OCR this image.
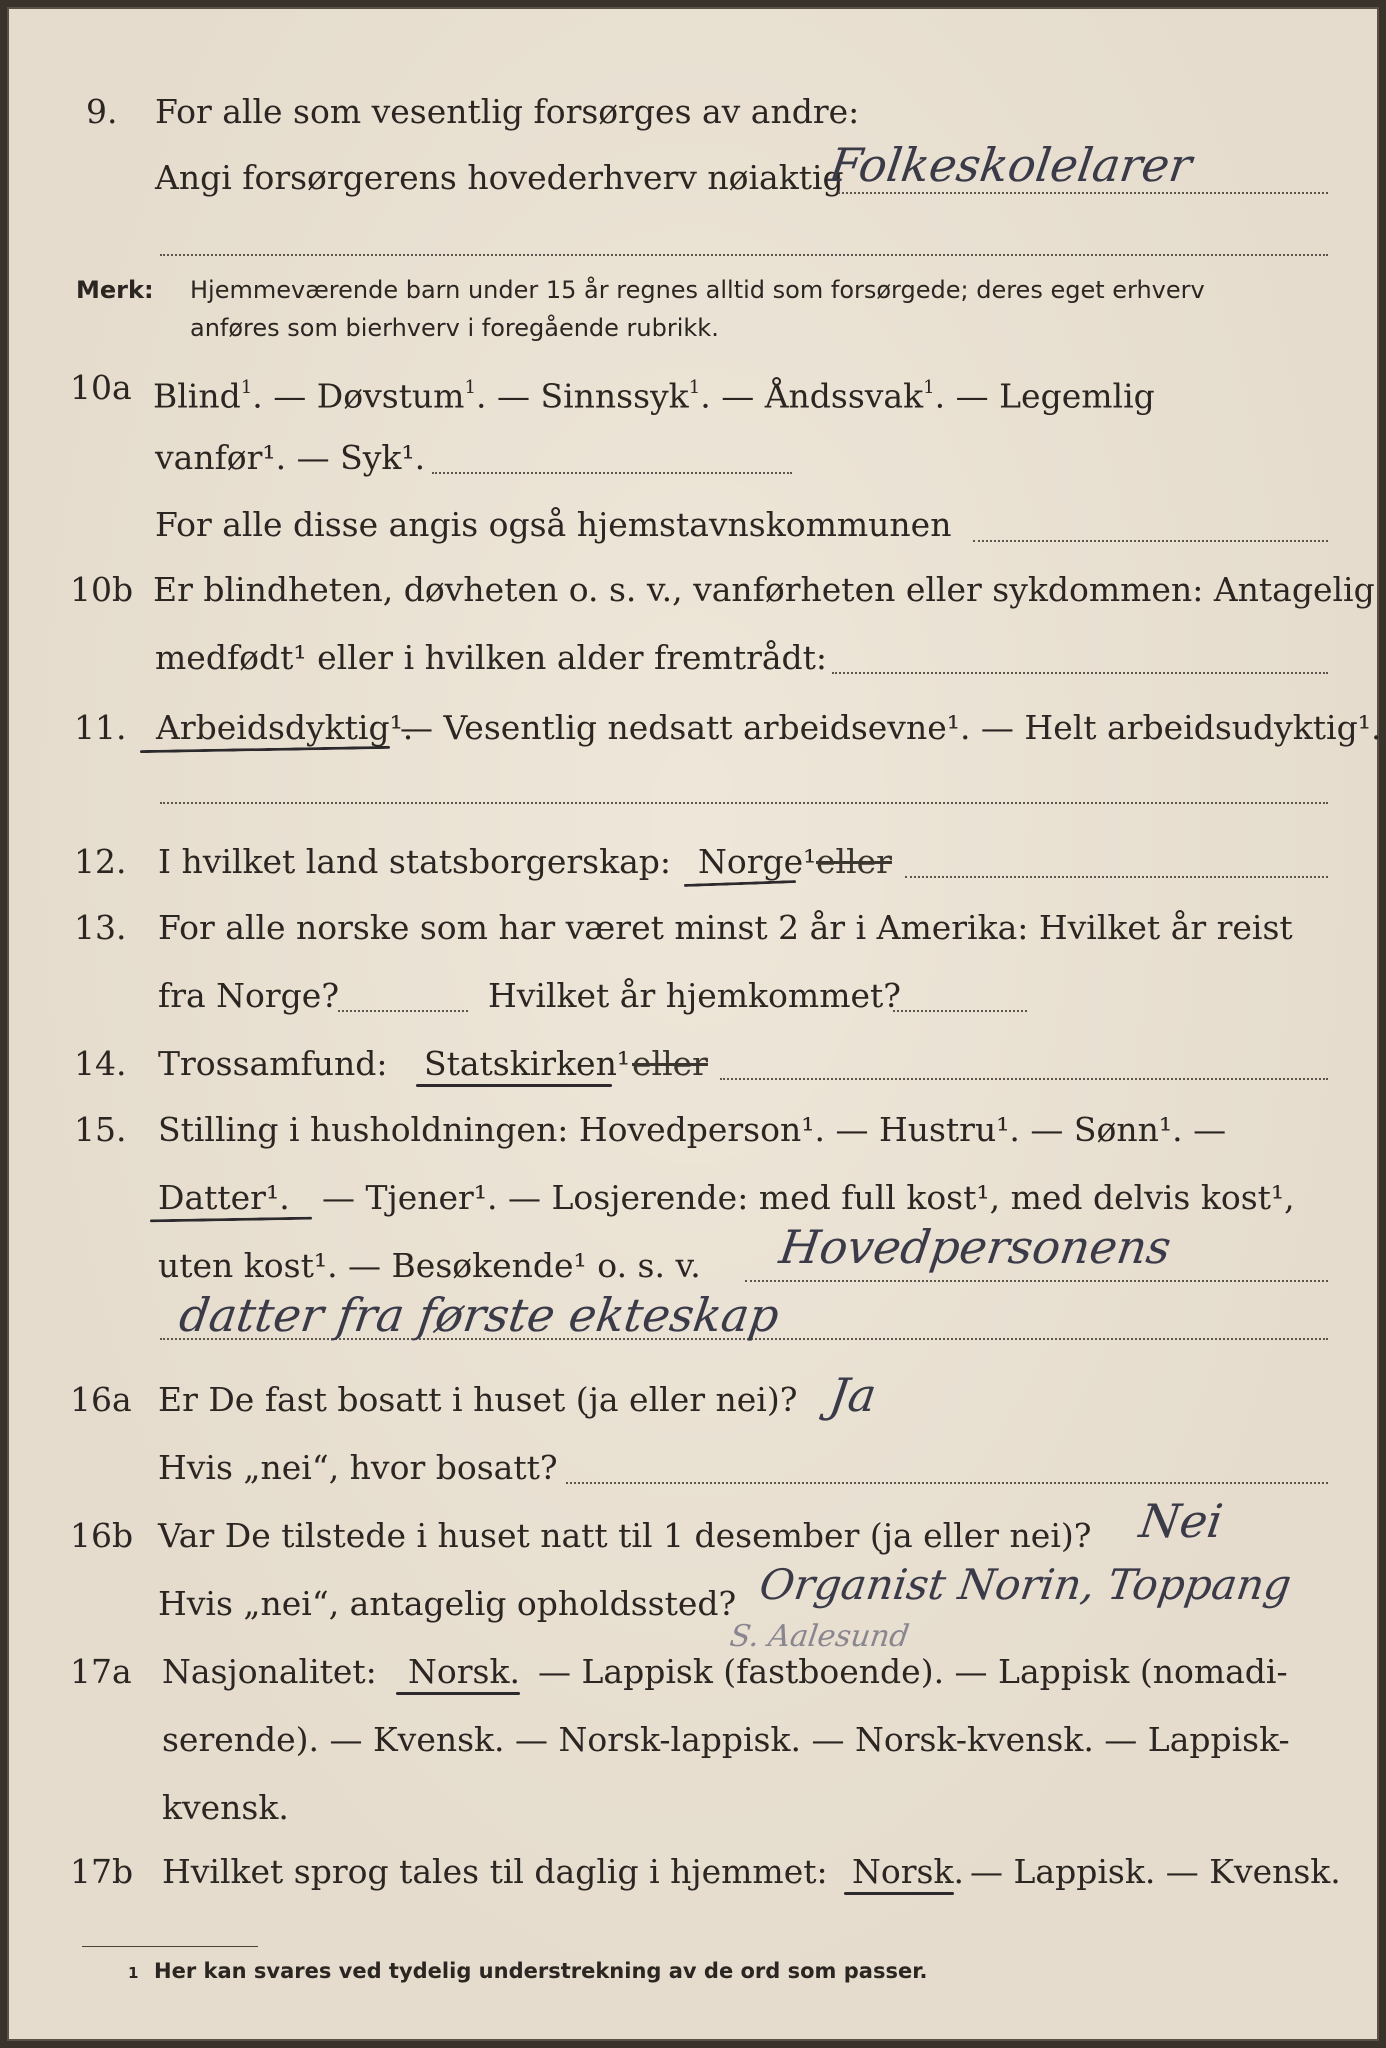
9. For alle som vesentlig forsørges av andre:
Angi forsørgerens hovederhverv nøiaktig
Folkeskolelarer
Merk: Hjemmeværende barn under 15 år regnes alltid som forsørgede; deres eget erhverv
anføres som bierhverv i foregående rubrikk.
10a Blind$^1$. — Døvstum$^1$. — Sinnssyk$^1$. — Åndssvak$^1$. — Legemlig
vanfør¹. — Syk¹.
For alle disse angis også hjemstavnskommunen
10b Er blindheten, døvheten o. s. v., vanførheten eller sykdommen: Antagelig
medfødt¹ eller i hvilken alder fremtrådt:
11. Arbeidsdyktig¹.
— Vesentlig nedsatt arbeidsevne¹. — Helt arbeidsudyktig¹.
12. I hvilket land statsborgerskap: Norge¹ eller
13. For alle norske som har været minst 2 år i Amerika: Hvilket år reist
fra Norge?	Hvilket år hjemkommet?
14. Trossamfund: Statskirken¹ eller
15. Stilling i husholdningen: Hovedperson¹. — Hustru¹. — Sønn¹. —
Datter¹. — Tjener¹. — Losjerende: med full kost¹, med delvis kost¹,
uten kost¹. — Besøkende¹ o. s. v. Hovedpersonens
datter fra første ekteskap
16a Er De fast bosatt i huset (ja eller nei)? Ja
Hvis „nei“, hvor bosatt?
16b Var De tilstede i huset natt til 1 desember (ja eller nei)? Nei
Hvis „nei“, antagelig opholdssted? Organist Norin, Toppang
S. Aalesund
17a Nasjonalitet: Norsk. — Lappisk (fastboende). — Lappisk (nomadi-
serende). — Kvensk. — Norsk-lappisk. — Norsk-kvensk. — Lappisk-
kvensk.
17b Hvilket sprog tales til daglig i hjemmet: Norsk. — Lappisk. — Kvensk.
1 Her kan svares ved tydelig understrekning av de ord som passer.
